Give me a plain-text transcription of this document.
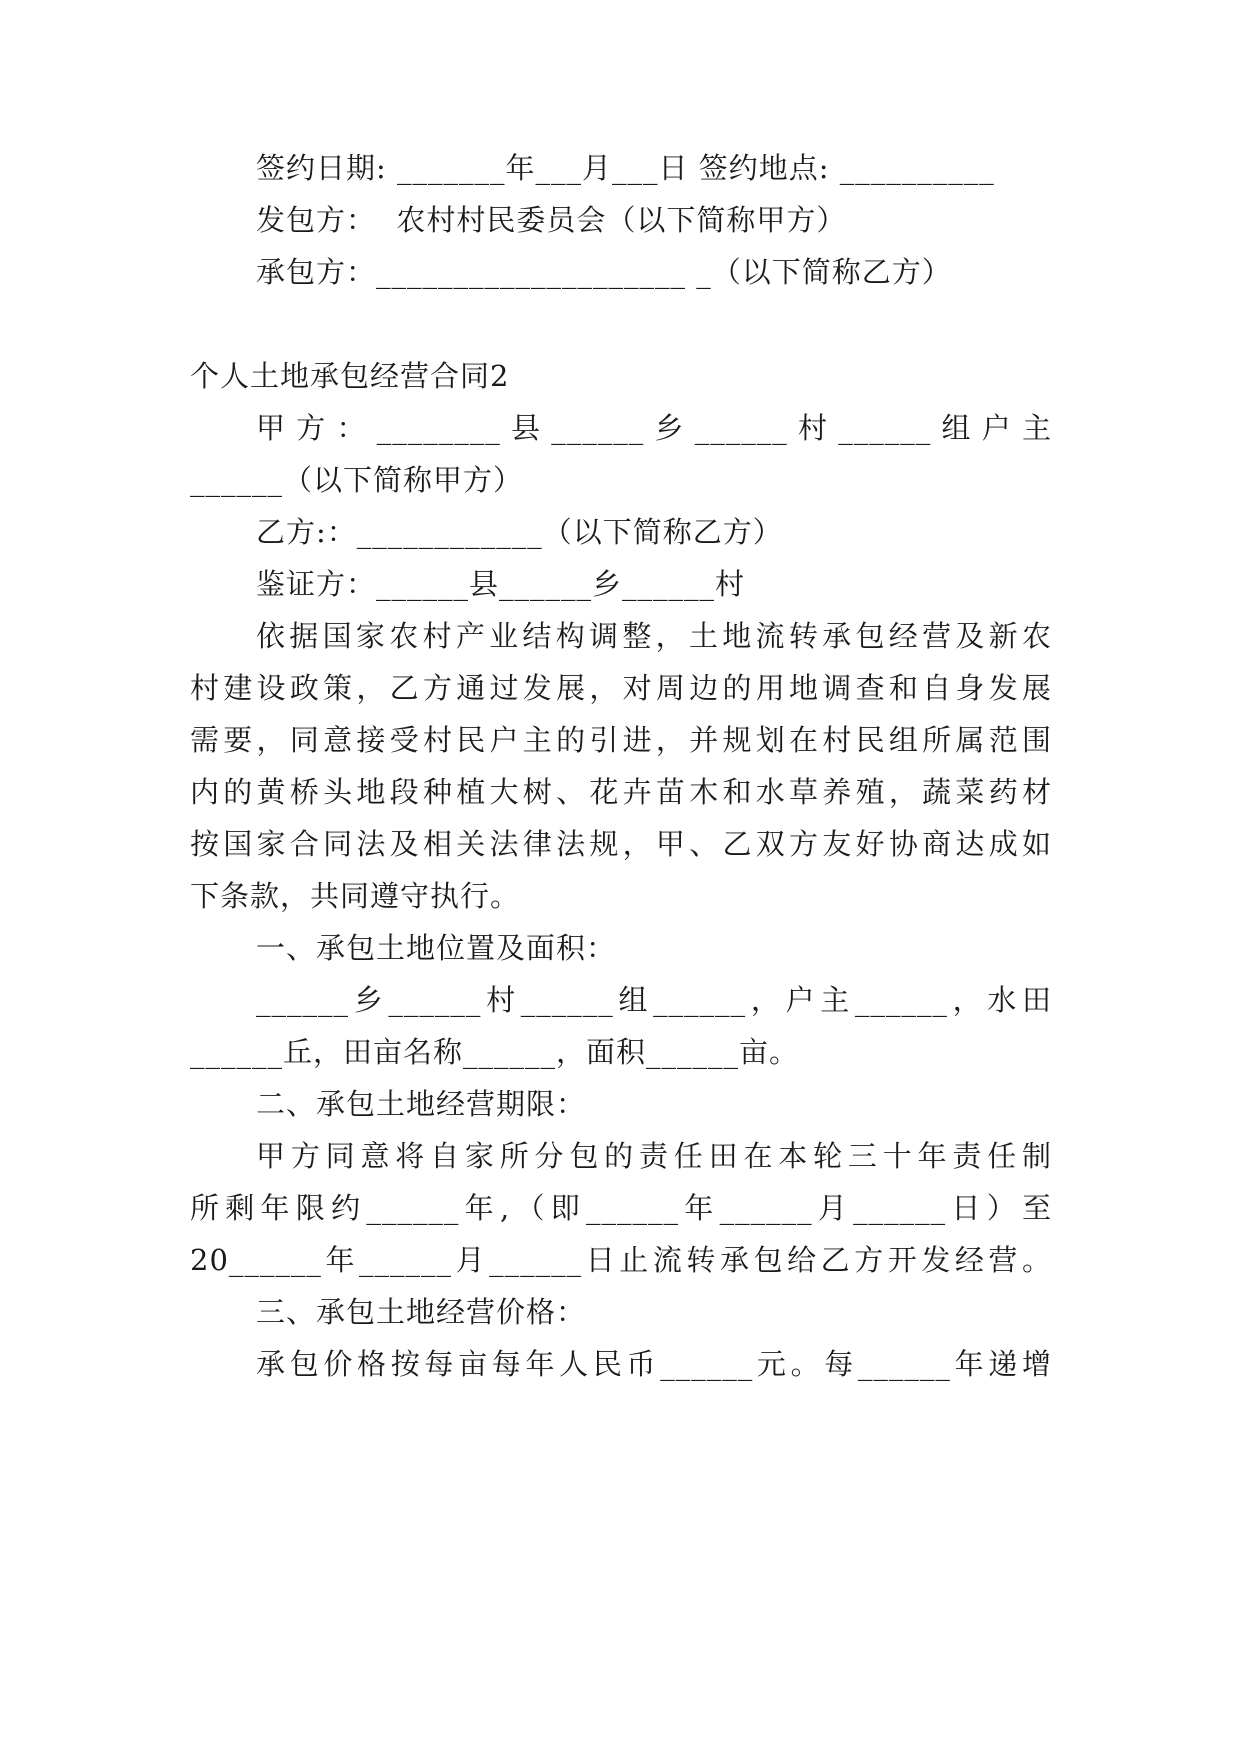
签约日期: _______年___月___日 签约地点: __________
发包方：  农村村民委员会（以下简称甲方）
承包方：____________________ _（以下简称乙方）
个人土地承包经营合同2
甲方：________县______乡______村______组户主
______（以下简称甲方）
乙方:：____________（以下简称乙方）
鉴证方：______县______乡______村
依据国家农村产业结构调整，土地流转承包经营及新农
村建设政策，乙方通过发展，对周边的用地调查和自身发展
需要，同意接受村民户主的引进，并规划在村民组所属范围
内的黄桥头地段种植大树、花卉苗木和水草养殖，蔬菜药材
按国家合同法及相关法律法规，甲、乙双方友好协商达成如
下条款，共同遵守执行。
一、承包土地位置及面积：
______乡______村______组______，户主______，水田
______丘，田亩名称______，面积______亩。
二、承包土地经营期限：
甲方同意将自家所分包的责任田在本轮三十年责任制
所剩年限约______年,（即______年______月______日）至
20______年______月______日止流转承包给乙方开发经营。
三、承包土地经营价格：
承包价格按每亩每年人民币______元。每______年递增
